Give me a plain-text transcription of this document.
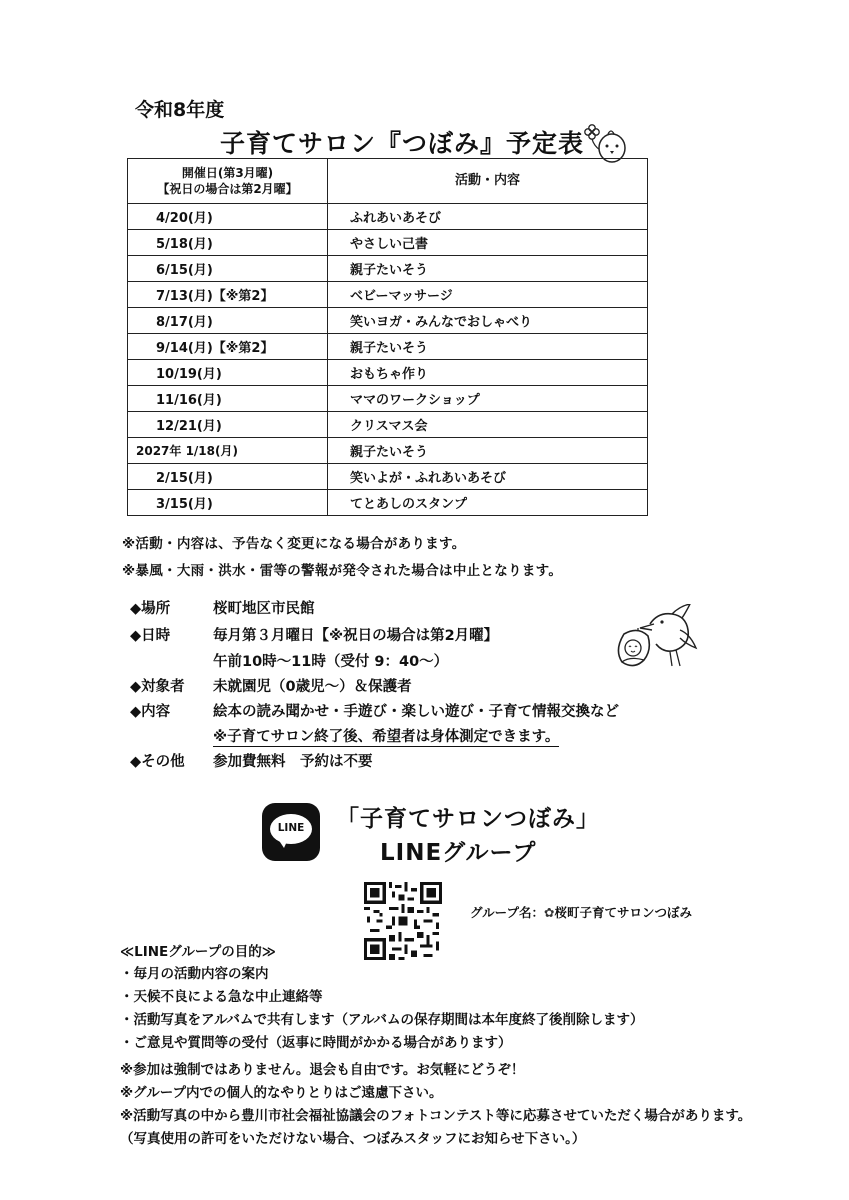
令和8年度
子育てサロン『つぼみ』予定表
開催日(第3月曜)
【祝日の場合は第2月曜】	活動・内容
4/20(月)	ふれあいあそび
5/18(月)	やさしい己書
6/15(月)	親子たいそう
7/13(月)【※第2】	ベビーマッサージ
8/17(月)	笑いヨガ・みんなでおしゃべり
9/14(月)【※第2】	親子たいそう
10/19(月)	おもちゃ作り
11/16(月)	ママのワークショップ
12/21(月)	クリスマス会
2027年 1/18(月)	親子たいそう
2/15(月)	笑いよが・ふれあいあそび
3/15(月)	てとあしのスタンプ
※活動・内容は、予告なく変更になる場合があります。
※暴風・大雨・洪水・雷等の警報が発令された場合は中止となります。
◆場所	桜町地区市民館
◆日時	毎月第３月曜日【※祝日の場合は第2月曜】
午前10時～11時（受付 9：40～）
◆対象者 未就園児（0歳児～）＆保護者
◆内容	絵本の読み聞かせ・手遊び・楽しい遊び・子育て情報交換など
※子育てサロン終了後、希望者は身体測定できます。
◆その他 参加費無料　予約は不要
LINE	「子育てサロンつぼみ」
LINEグループ
グループ名：✿桜町子育てサロンつぼみ
≪LINEグループの目的≫
・毎月の活動内容の案内
・天候不良による急な中止連絡等
・活動写真をアルバムで共有します（アルバムの保存期間は本年度終了後削除します）
・ご意見や質問等の受付（返事に時間がかかる場合があります）
※参加は強制ではありません。退会も自由です。お気軽にどうぞ！
※グループ内での個人的なやりとりはご遠慮下さい。
※活動写真の中から豊川市社会福祉協議会のフォトコンテスト等に応募させていただく場合があります。
（写真使用の許可をいただけない場合、つぼみスタッフにお知らせ下さい。）
